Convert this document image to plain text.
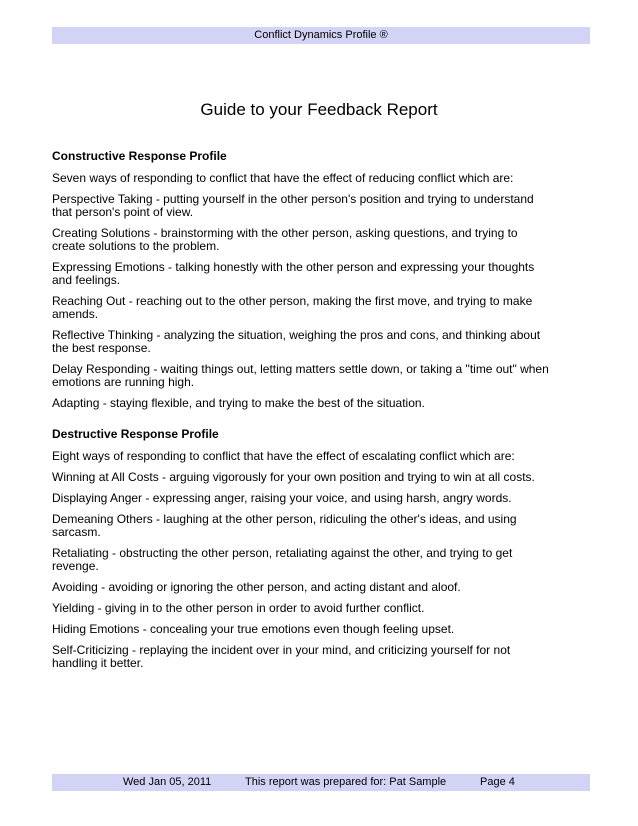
Conflict Dynamics Profile ®
Guide to your Feedback Report
Constructive Response Profile
Seven ways of responding to conflict that have the effect of reducing conflict which are:
Perspective Taking - putting yourself in the other person's position and trying to understand that person's point of view.
Creating Solutions - brainstorming with the other person, asking questions, and trying to create solutions to the problem.
Expressing Emotions - talking honestly with the other person and expressing your thoughts and feelings.
Reaching Out - reaching out to the other person, making the first move, and trying to make amends.
Reflective Thinking - analyzing the situation, weighing the pros and cons, and thinking about the best response.
Delay Responding - waiting things out, letting matters settle down, or taking a "time out" when emotions are running high.
Adapting - staying flexible, and trying to make the best of the situation.
Destructive Response Profile
Eight ways of responding to conflict that have the effect of escalating conflict which are:
Winning at All Costs - arguing vigorously for your own position and trying to win at all costs.
Displaying Anger - expressing anger, raising your voice, and using harsh, angry words.
Demeaning Others - laughing at the other person, ridiculing the other's ideas, and using sarcasm.
Retaliating - obstructing the other person, retaliating against the other, and trying to get revenge.
Avoiding - avoiding or ignoring the other person, and acting distant and aloof.
Yielding - giving in to the other person in order to avoid further conflict.
Hiding Emotions - concealing your true emotions even though feeling upset.
Self-Criticizing - replaying the incident over in your mind, and criticizing yourself for not handling it better.
Wed Jan 05, 2011	This report was prepared for: Pat Sample	Page 4
